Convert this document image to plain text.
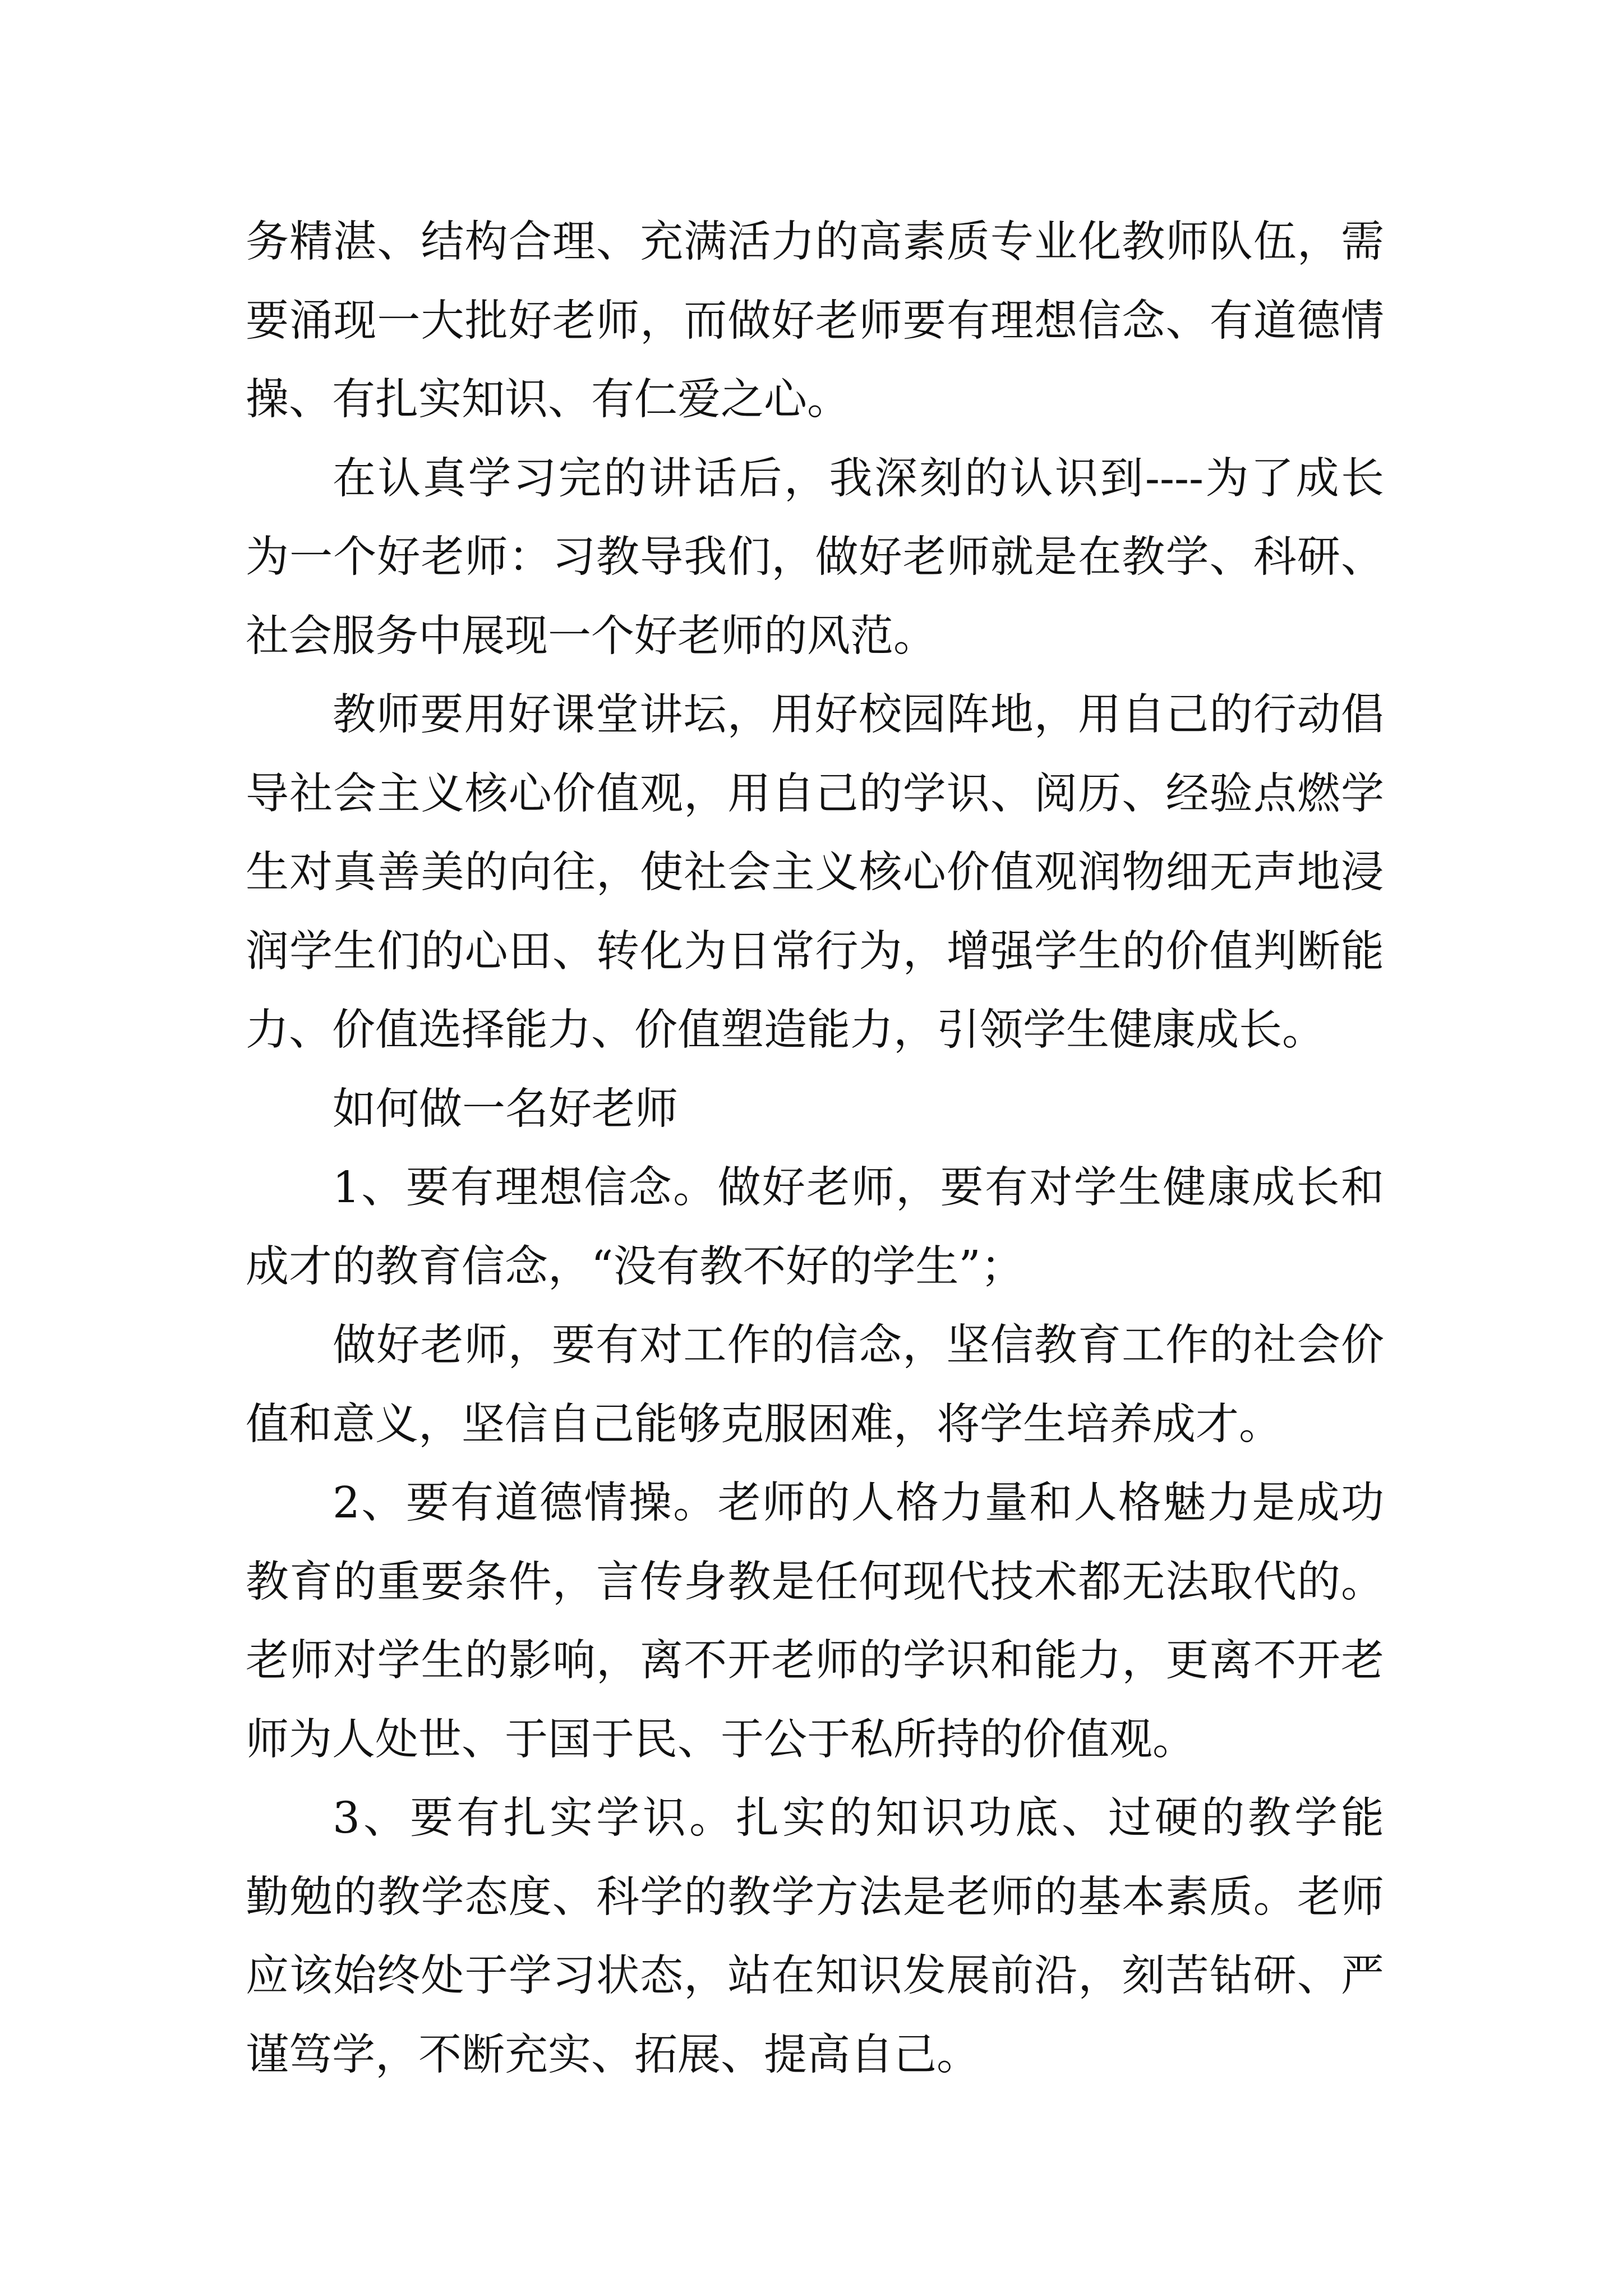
务精湛、结构合理、充满活力的高素质专业化教师队伍，需
要涌现一大批好老师，而做好老师要有理想信念、有道德情
操、有扎实知识、有仁爱之心。
在认真学习完的讲话后，我深刻的认识到----为了成长
为一个好老师：习教导我们，做好老师就是在教学、科研、
社会服务中展现一个好老师的风范。
教师要用好课堂讲坛，用好校园阵地，用自己的行动倡
导社会主义核心价值观，用自己的学识、阅历、经验点燃学
生对真善美的向往，使社会主义核心价值观润物细无声地浸
润学生们的心田、转化为日常行为，增强学生的价值判断能
力、价值选择能力、价值塑造能力，引领学生健康成长。
如何做一名好老师
1、要有理想信念。做好老师，要有对学生健康成长和
成才的教育信念，“没有教不好的学生”；
做好老师，要有对工作的信念，坚信教育工作的社会价
值和意义，坚信自己能够克服困难，将学生培养成才。
2、要有道德情操。老师的人格力量和人格魅力是成功
教育的重要条件，言传身教是任何现代技术都无法取代的。
老师对学生的影响，离不开老师的学识和能力，更离不开老
师为人处世、于国于民、于公于私所持的价值观。
3、要有扎实学识。扎实的知识功底、过硬的教学能
勤勉的教学态度、科学的教学方法是老师的基本素质。老师
应该始终处于学习状态，站在知识发展前沿，刻苦钻研、严
谨笃学，不断充实、拓展、提高自己。
